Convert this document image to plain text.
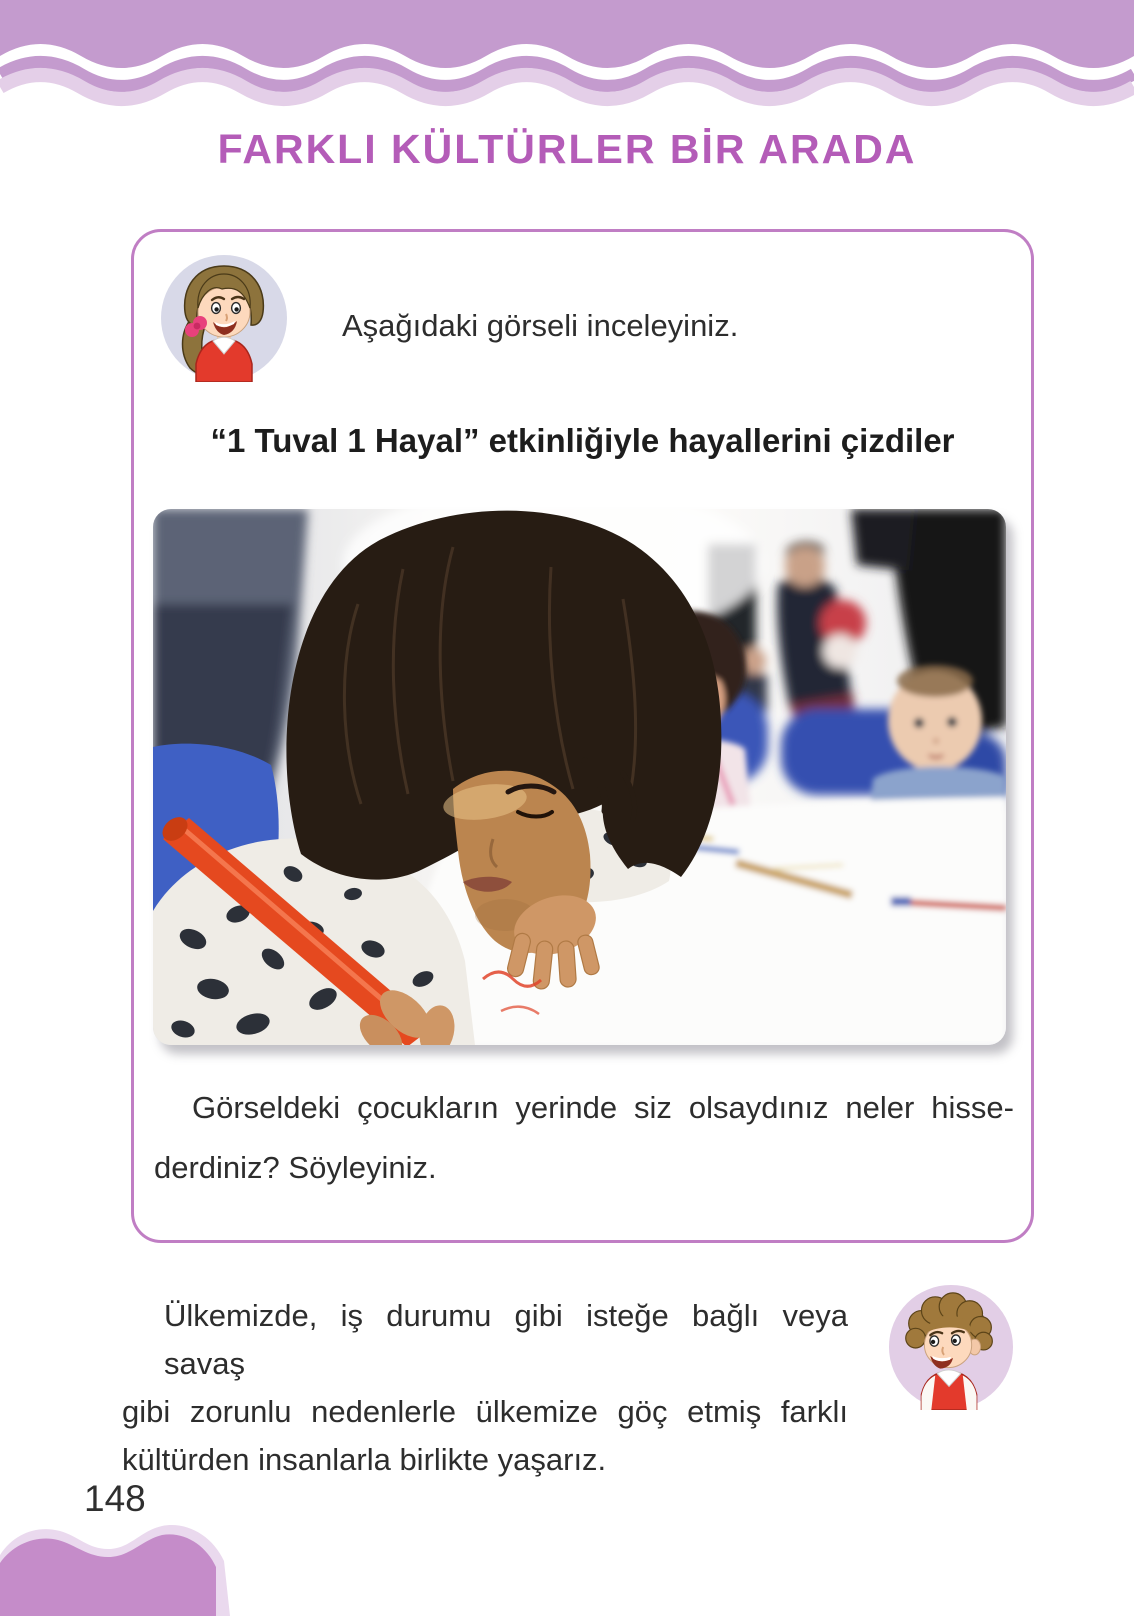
FARKLI KÜLTÜRLER BİR ARADA

Aşağıdaki görseli inceleyiniz.

“1 Tuval 1 Hayal” etkinliğiyle hayallerini çizdiler

Görseldeki çocukların yerinde siz olsaydınız neler hisse-
derdiniz? Söyleyiniz.
Ülkemizde, iş durumu gibi isteğe bağlı veya savaş
gibi zorunlu nedenlerle ülkemize göç etmiş farklı
kültürden insanlarla birlikte yaşarız.
148
